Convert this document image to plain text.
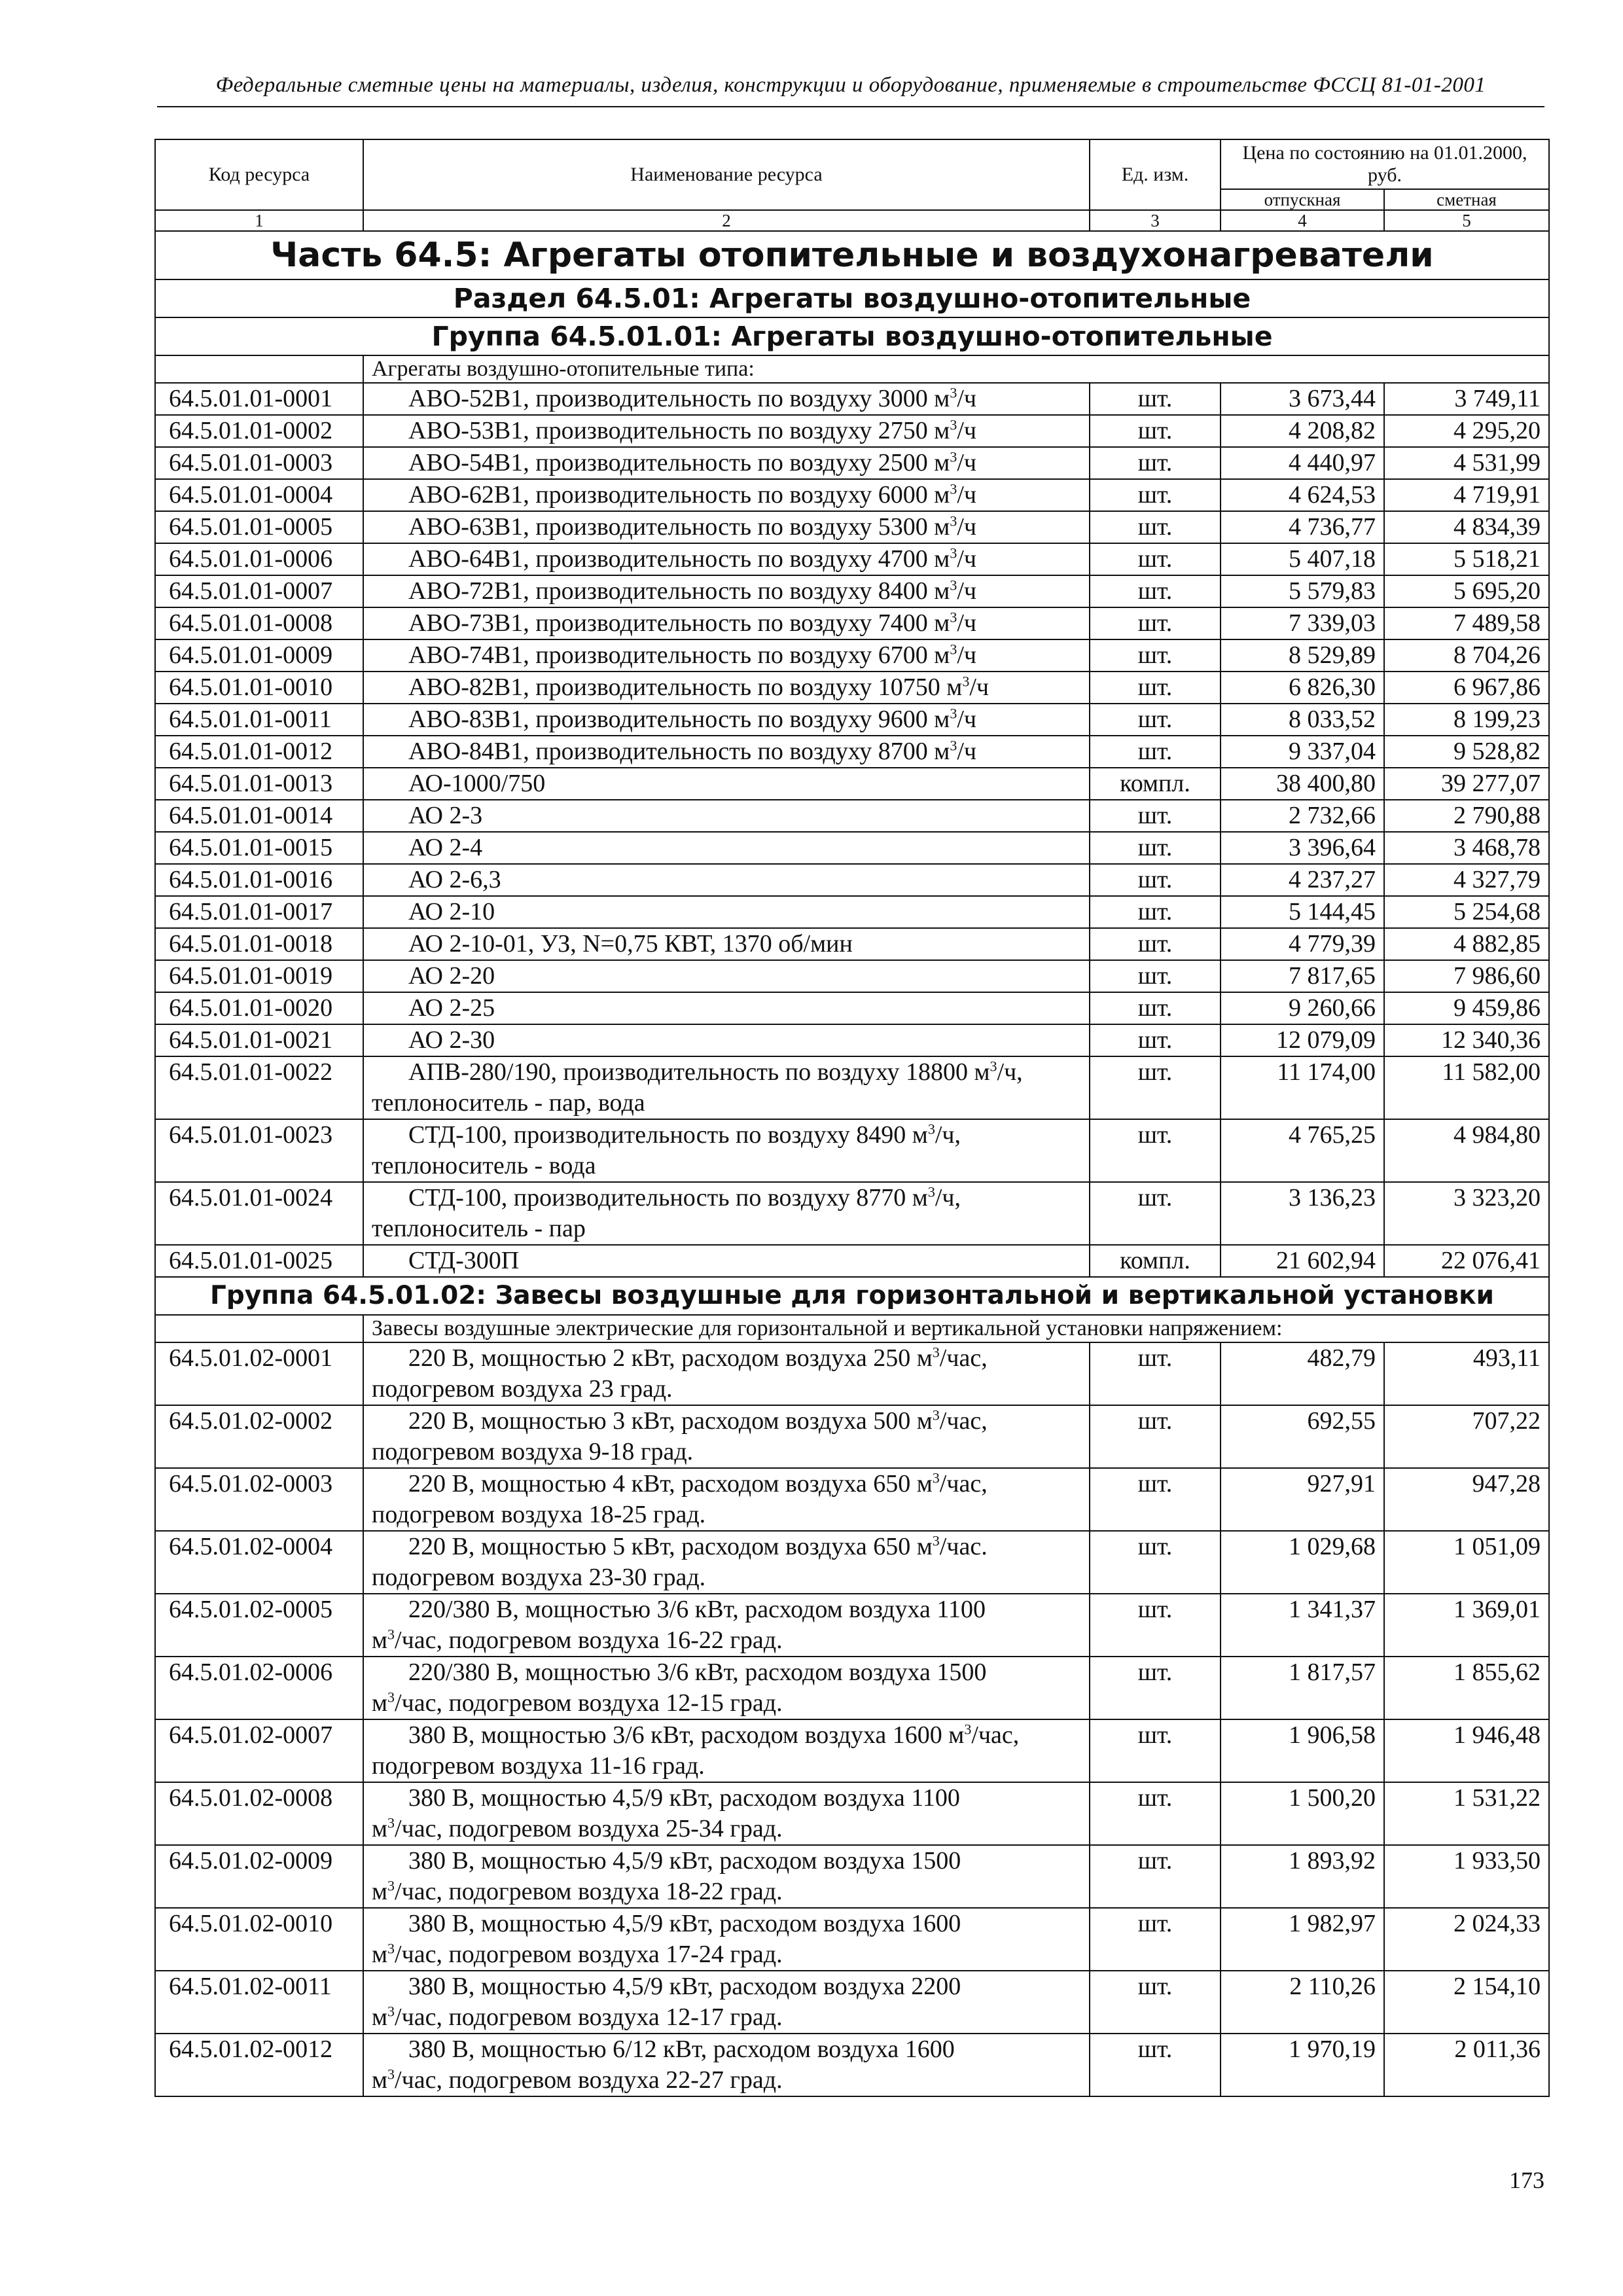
Федеральные сметные цены на материалы, изделия, конструкции и оборудование, применяемые в строительстве ФССЦ 81-01-2001
Код ресурса	Наименование ресурса	Ед. изм.	Цена по состоянию на 01.01.2000, руб.	
			отпускная	сметная
1	2	3	4	5
Часть 64.5: Агрегаты отопительные и воздухонагреватели				
Раздел 64.5.01: Агрегаты воздушно-отопительные				
Группа 64.5.01.01: Агрегаты воздушно-отопительные				
	Агрегаты воздушно-отопительные типа:			
64.5.01.01-0001	АВО-52В1, производительность по воздуху 3000 $м^3/ч$	шт.	3 673,44	3 749,11
64.5.01.01-0002	АВО-53В1, производительность по воздуху 2750 $м^3/ч$	шт.	4 208,82	4 295,20
64.5.01.01-0003	АВО-54В1, производительность по воздуху 2500 $м^3/ч$	шт.	4 440,97	4 531,99
64.5.01.01-0004	АВО-62В1, производительность по воздуху 6000 $м^3/ч$	шт.	4 624,53	4 719,91
64.5.01.01-0005	АВО-63В1, производительность по воздуху 5300 $м^3/ч$	шт.	4 736,77	4 834,39
64.5.01.01-0006	АВО-64В1, производительность по воздуху 4700 $м^3/ч$	шт.	5 407,18	5 518,21
64.5.01.01-0007	АВО-72В1, производительность по воздуху 8400 $м^3/ч$	шт.	5 579,83	5 695,20
64.5.01.01-0008	АВО-73В1, производительность по воздуху 7400 $м^3/ч$	шт.	7 339,03	7 489,58
64.5.01.01-0009	АВО-74В1, производительность по воздуху 6700 $м^3/ч$	шт.	8 529,89	8 704,26
64.5.01.01-0010	АВО-82В1, производительность по воздуху 10750 $м^3/ч$	шт.	6 826,30	6 967,86
64.5.01.01-0011	АВО-83В1, производительность по воздуху 9600 $м^3/ч$	шт.	8 033,52	8 199,23
64.5.01.01-0012	АВО-84В1, производительность по воздуху 8700 $м^3/ч$	шт.	9 337,04	9 528,82
64.5.01.01-0013	АО-1000/750	компл.	38 400,80	39 277,07
64.5.01.01-0014	АО 2-3	шт.	2 732,66	2 790,88
64.5.01.01-0015	АО 2-4	шт.	3 396,64	3 468,78
64.5.01.01-0016	АО 2-6,3	шт.	4 237,27	4 327,79
64.5.01.01-0017	АО 2-10	шт.	5 144,45	5 254,68
64.5.01.01-0018	АО 2-10-01, УЗ, N=0,75 КВТ, 1370 об/мин	шт.	4 779,39	4 882,85
64.5.01.01-0019	АО 2-20	шт.	7 817,65	7 986,60
64.5.01.01-0020	АО 2-25	шт.	9 260,66	9 459,86
64.5.01.01-0021	АО 2-30	шт.	12 079,09	12 340,36
64.5.01.01-0022	АПВ-280/190, производительность по воздуху 18800 $м^3/ч$,
теплоноситель - пар, вода	шт.	11 174,00	11 582,00
64.5.01.01-0023	СТД-100, производительность по воздуху 8490 $м^3/ч$,
теплоноситель - вода	шт.	4 765,25	4 984,80
64.5.01.01-0024	СТД-100, производительность по воздуху 8770 $м^3/ч$,
теплоноситель - пар	шт.	3 136,23	3 323,20
64.5.01.01-0025	СТД-300П	компл.	21 602,94	22 076,41
Группа 64.5.01.02: Завесы воздушные для горизонтальной и вертикальной установки				
	Завесы воздушные электрические для горизонтальной и вертикальной установки напряжением:			
64.5.01.02-0001	220 В, мощностью 2 кВт, расходом воздуха 250 $м^3$/час,
подогревом воздуха 23 град.	шт.	482,79	493,11
64.5.01.02-0002	220 В, мощностью 3 кВт, расходом воздуха 500 $м^3$/час,
подогревом воздуха 9-18 град.	шт.	692,55	707,22
64.5.01.02-0003	220 В, мощностью 4 кВт, расходом воздуха 650 $м^3$/час,
подогревом воздуха 18-25 град.	шт.	927,91	947,28
64.5.01.02-0004	220 В, мощностью 5 кВт, расходом воздуха 650 $м^3$/час.
подогревом воздуха 23-30 град.	шт.	1 029,68	1 051,09
64.5.01.02-0005	220/380 В, мощностью 3/6 кВт, расходом воздуха 1100
$м^3$/час, подогревом воздуха 16-22 град.	шт.	1 341,37	1 369,01
64.5.01.02-0006	220/380 В, мощностью 3/6 кВт, расходом воздуха 1500
$м^3$/час, подогревом воздуха 12-15 град.	шт.	1 817,57	1 855,62
64.5.01.02-0007	380 В, мощностью 3/6 кВт, расходом воздуха 1600 $м^3$/час,
подогревом воздуха 11-16 град.	шт.	1 906,58	1 946,48
64.5.01.02-0008	380 В, мощностью 4,5/9 кВт, расходом воздуха 1100
$м^3$/час, подогревом воздуха 25-34 град.	шт.	1 500,20	1 531,22
64.5.01.02-0009	380 В, мощностью 4,5/9 кВт, расходом воздуха 1500
$м^3$/час, подогревом воздуха 18-22 град.	шт.	1 893,92	1 933,50
64.5.01.02-0010	380 В, мощностью 4,5/9 кВт, расходом воздуха 1600
$м^3$/час, подогревом воздуха 17-24 град.	шт.	1 982,97	2 024,33
64.5.01.02-0011	380 В, мощностью 4,5/9 кВт, расходом воздуха 2200
$м^3$/час, подогревом воздуха 12-17 град.	шт.	2 110,26	2 154,10
64.5.01.02-0012	380 В, мощностью 6/12 кВт, расходом воздуха 1600
$м^3$/час, подогревом воздуха 22-27 град.	шт.	1 970,19	2 011,36
173
